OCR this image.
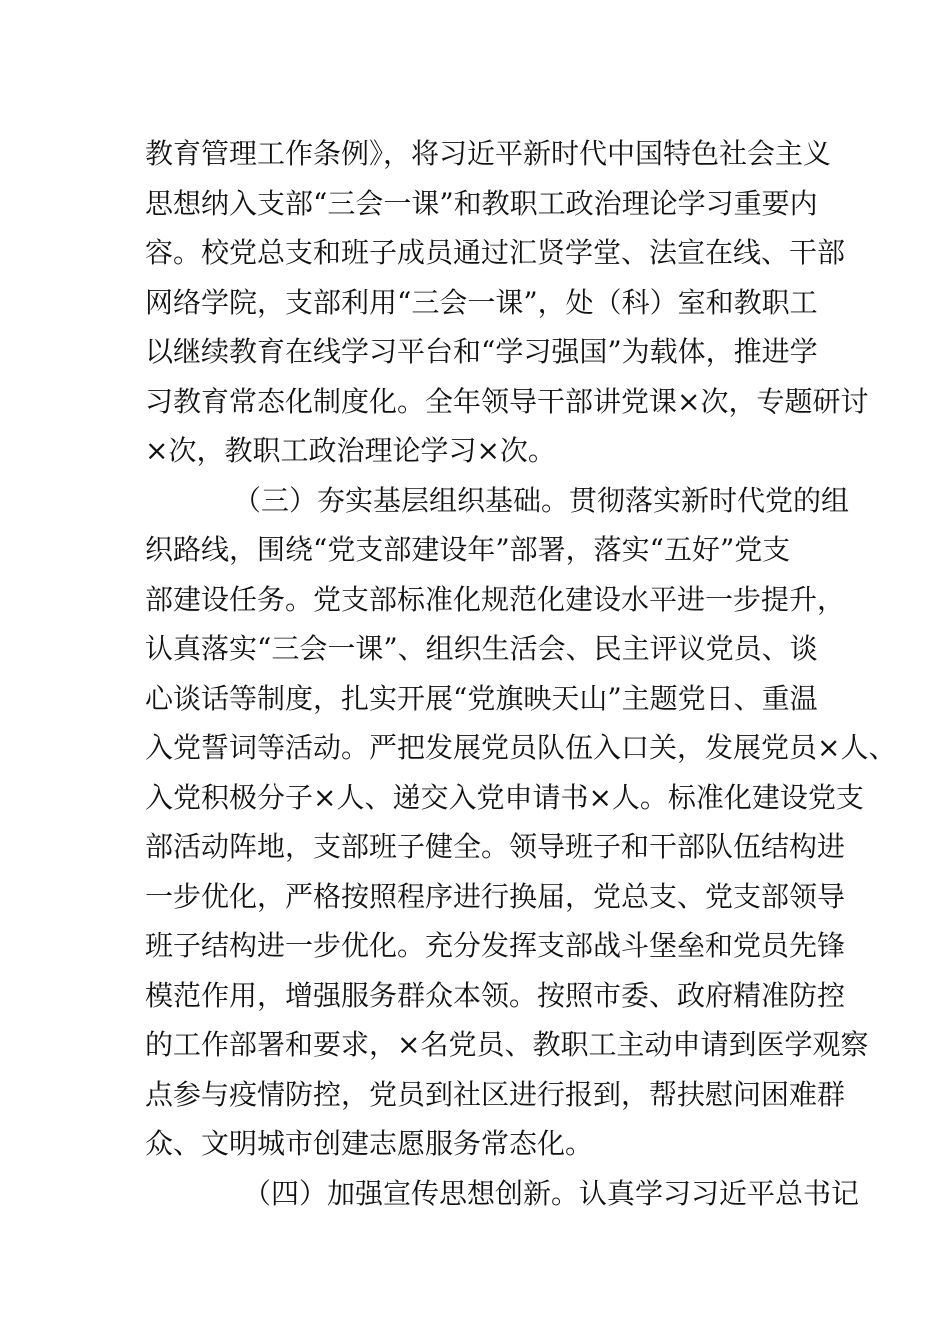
教育管理工作条例》，将习近平新时代中国特色社会主义
思想纳入支部“三会一课”和教职工政治理论学习重要内
容。校党总支和班子成员通过汇贤学堂、法宣在线、干部
网络学院，支部利用“三会一课”，处（科）室和教职工
以继续教育在线学习平台和“学习强国”为载体，推进学
习教育常态化制度化。全年领导干部讲党课×次，专题研讨
×次，教职工政治理论学习×次。
（三）夯实基层组织基础。贯彻落实新时代党的组
织路线，围绕“党支部建设年”部署，落实“五好”党支
部建设任务。党支部标准化规范化建设水平进一步提升，
认真落实“三会一课”、组织生活会、民主评议党员、谈
心谈话等制度，扎实开展“党旗映天山”主题党日、重温
入党誓词等活动。严把发展党员队伍入口关，发展党员×人、
入党积极分子×人、递交入党申请书×人。标准化建设党支
部活动阵地，支部班子健全。领导班子和干部队伍结构进
一步优化，严格按照程序进行换届，党总支、党支部领导
班子结构进一步优化。充分发挥支部战斗堡垒和党员先锋
模范作用，增强服务群众本领。按照市委、政府精准防控
的工作部署和要求，×名党员、教职工主动申请到医学观察
点参与疫情防控，党员到社区进行报到，帮扶慰问困难群
众、文明城市创建志愿服务常态化。
（四）加强宣传思想创新。认真学习习近平总书记
